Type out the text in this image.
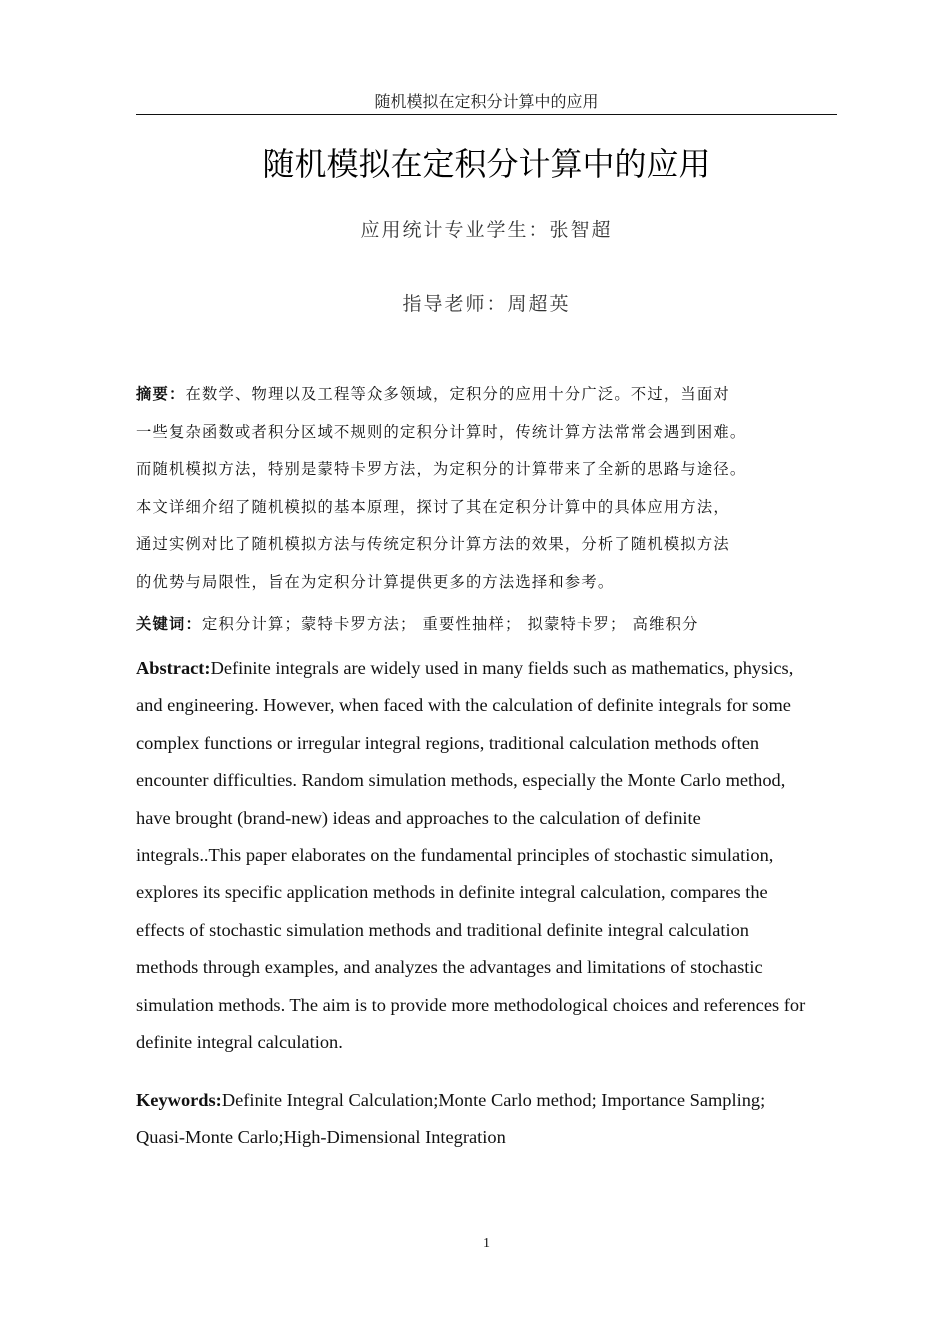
随机模拟在定积分计算中的应用
随机模拟在定积分计算中的应用
应用统计专业学生：张智超
指导老师：周超英
摘要：在数学、物理以及工程等众多领域，定积分的应用十分广泛。不过，当面对
一些复杂函数或者积分区域不规则的定积分计算时，传统计算方法常常会遇到困难。
而随机模拟方法，特别是蒙特卡罗方法，为定积分的计算带来了全新的思路与途径。
本文详细介绍了随机模拟的基本原理，探讨了其在定积分计算中的具体应用方法，
通过实例对比了随机模拟方法与传统定积分计算方法的效果，分析了随机模拟方法
的优势与局限性，旨在为定积分计算提供更多的方法选择和参考。
关键词：定积分计算；蒙特卡罗方法； 重要性抽样； 拟蒙特卡罗； 高维积分
Abstract:Definite integrals are widely used in many fields such as mathematics, physics,
and engineering. However, when faced with the calculation of definite integrals for some
complex functions or irregular integral regions, traditional calculation methods often
encounter difficulties. Random simulation methods, especially the Monte Carlo method,
have brought (brand-new) ideas and approaches to the calculation of definite
integrals..This paper elaborates on the fundamental principles of stochastic simulation,
explores its specific application methods in definite integral calculation, compares the
effects of stochastic simulation methods and traditional definite integral calculation
methods through examples, and analyzes the advantages and limitations of stochastic
simulation methods. The aim is to provide more methodological choices and references for
definite integral calculation.
Keywords:Definite Integral Calculation;Monte Carlo method; Importance Sampling;
Quasi-Monte Carlo;High-Dimensional Integration
1
